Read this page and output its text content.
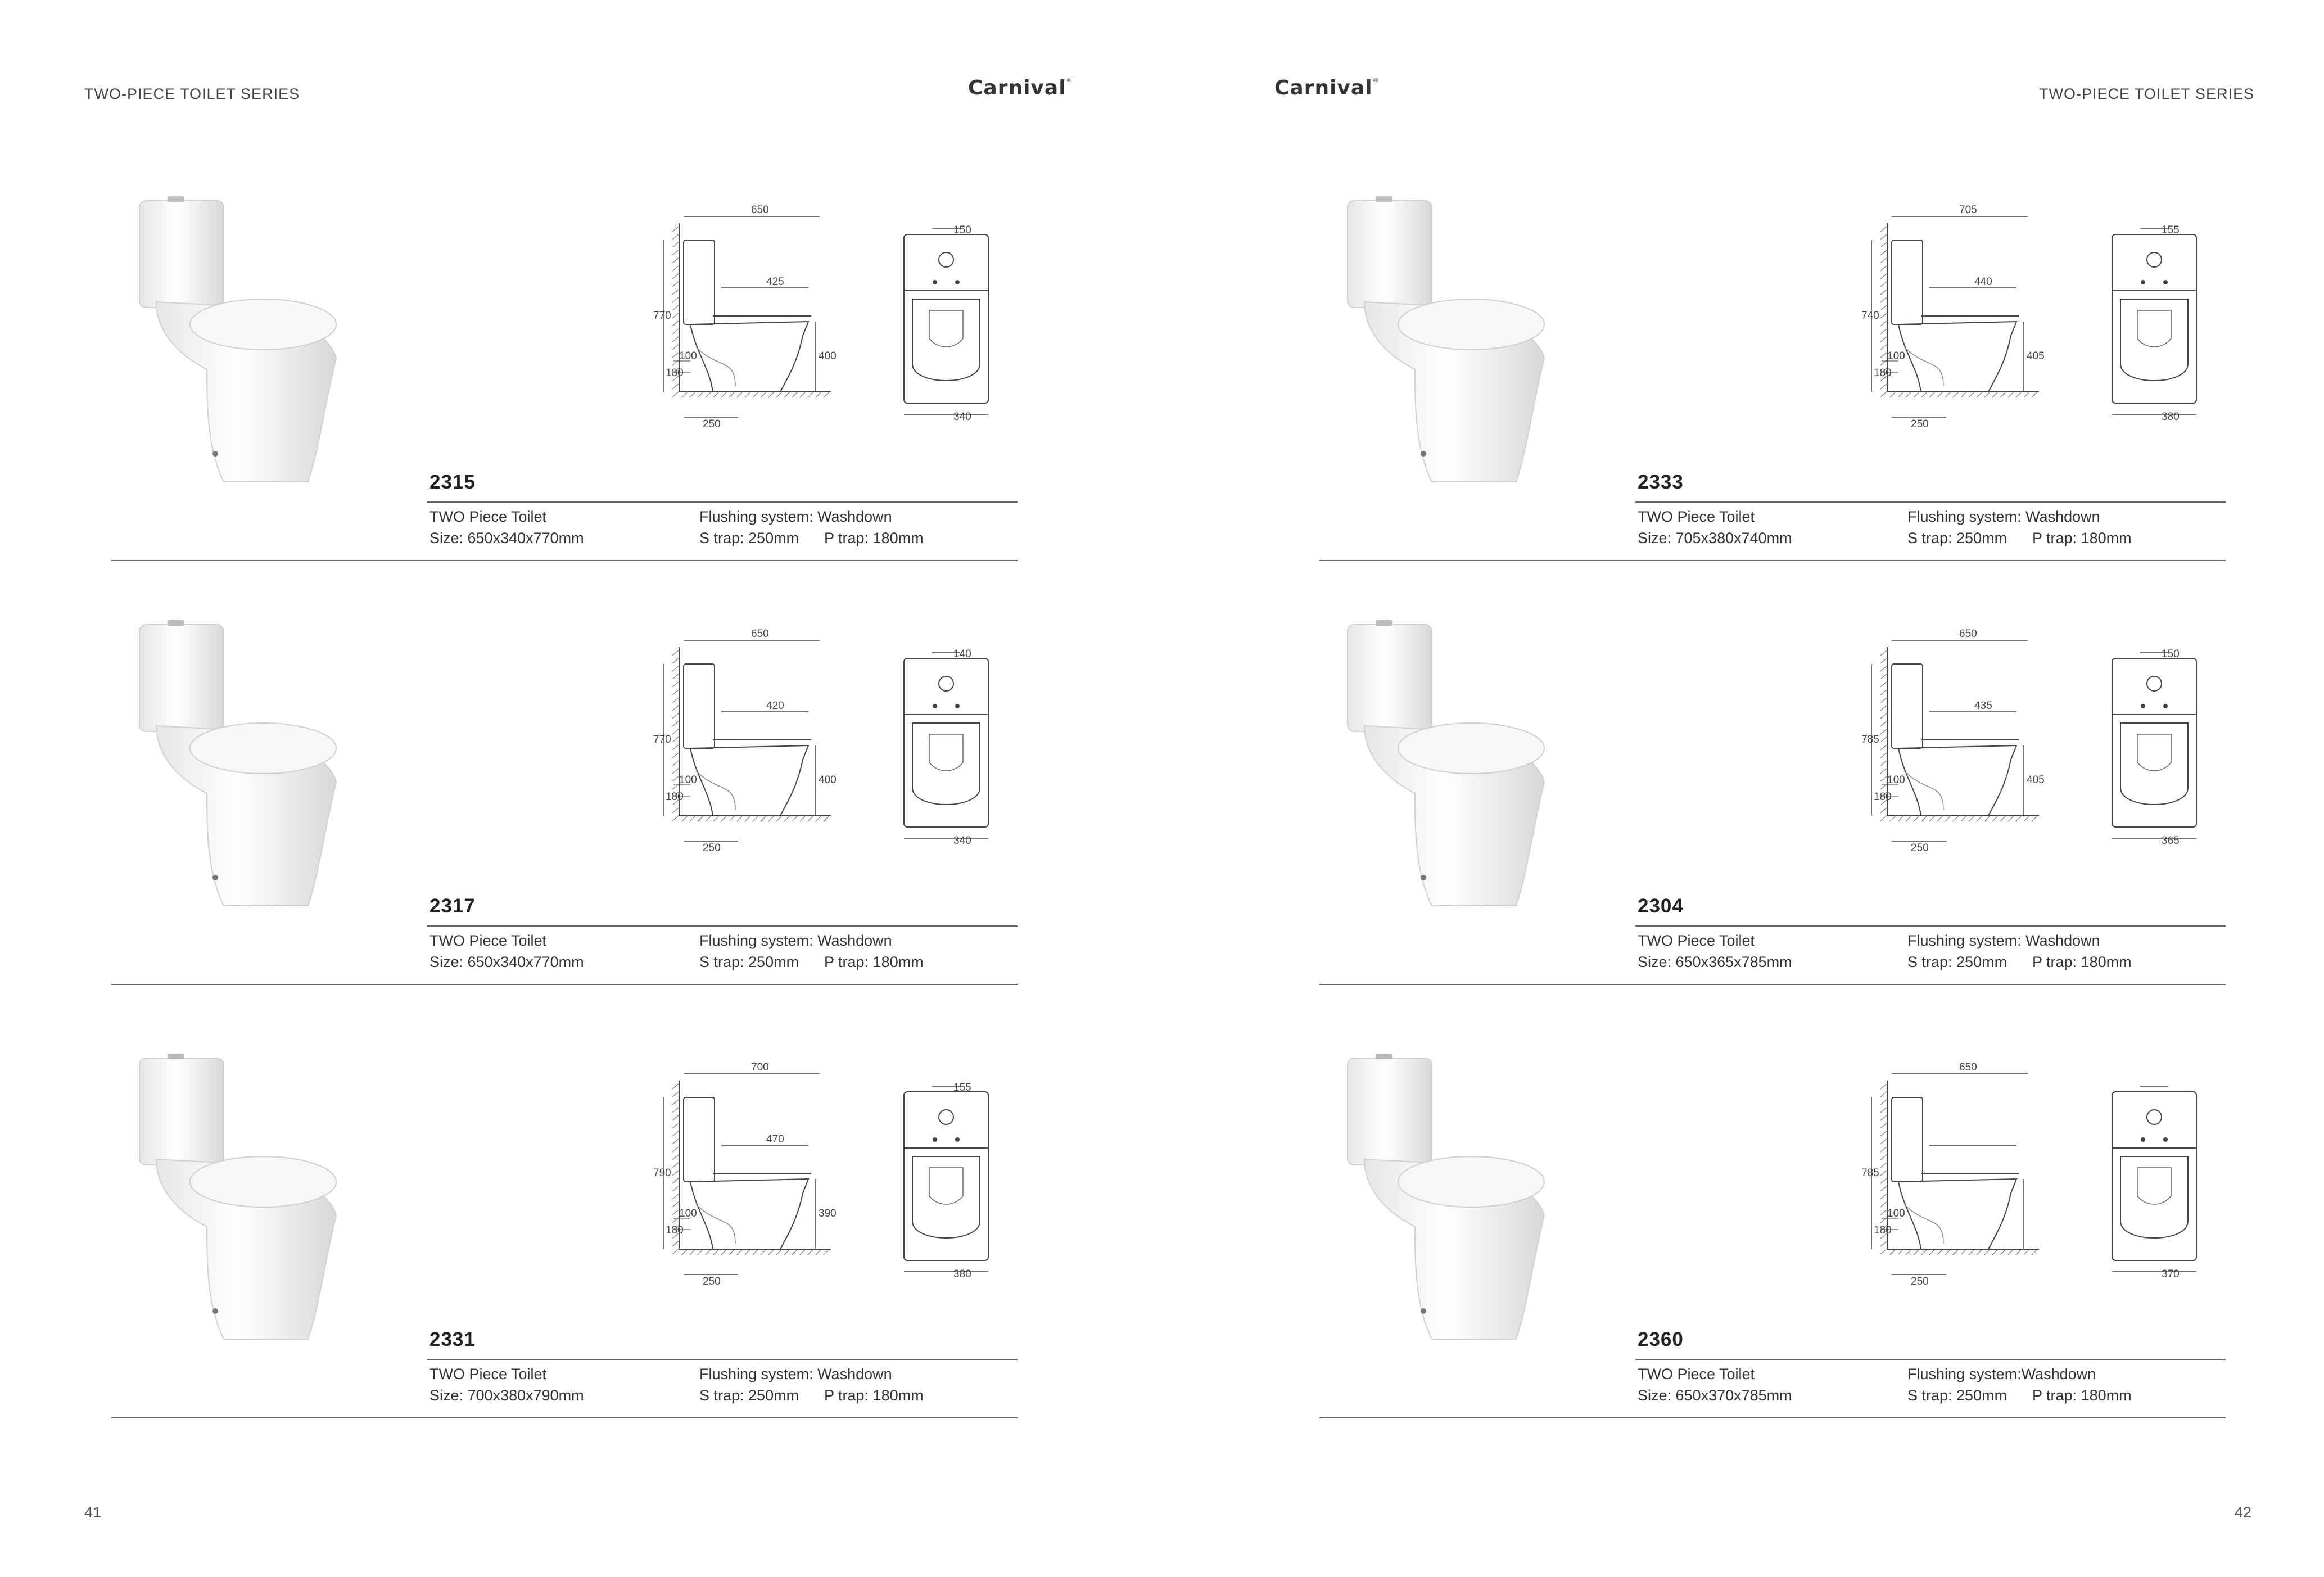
TWO-PIECE TOILET SERIES	Carnival®
41
650
425
770
400
100
180
250
150
340
2315
TWO Piece Toilet
Size: 650x340x770mm
Flushing system: Washdown
S trap: 250mm P trap: 180mm
650
420
770
400
100
180
250
140
340
2317
TWO Piece Toilet
Size: 650x340x770mm
Flushing system: Washdown
S trap: 250mm P trap: 180mm
700
470
790
390
100
180
250
155
380
2331
TWO Piece Toilet
Size: 700x380x790mm
Flushing system: Washdown
S trap: 250mm P trap: 180mm
Carnival®
TWO-PIECE TOILET SERIES
42
705
440
740
405
100
180
250
155
380
2333
TWO Piece Toilet
Size: 705x380x740mm
Flushing system: Washdown
S trap: 250mm P trap: 180mm
650
435
785
405
100
180
250
150
365
2304
TWO Piece Toilet
Size: 650x365x785mm
Flushing system: Washdown
S trap: 250mm P trap: 180mm
650
785
100
180
250
370
2360
TWO Piece Toilet
Size: 650x370x785mm
Flushing system:Washdown
S trap: 250mm P trap: 180mm
